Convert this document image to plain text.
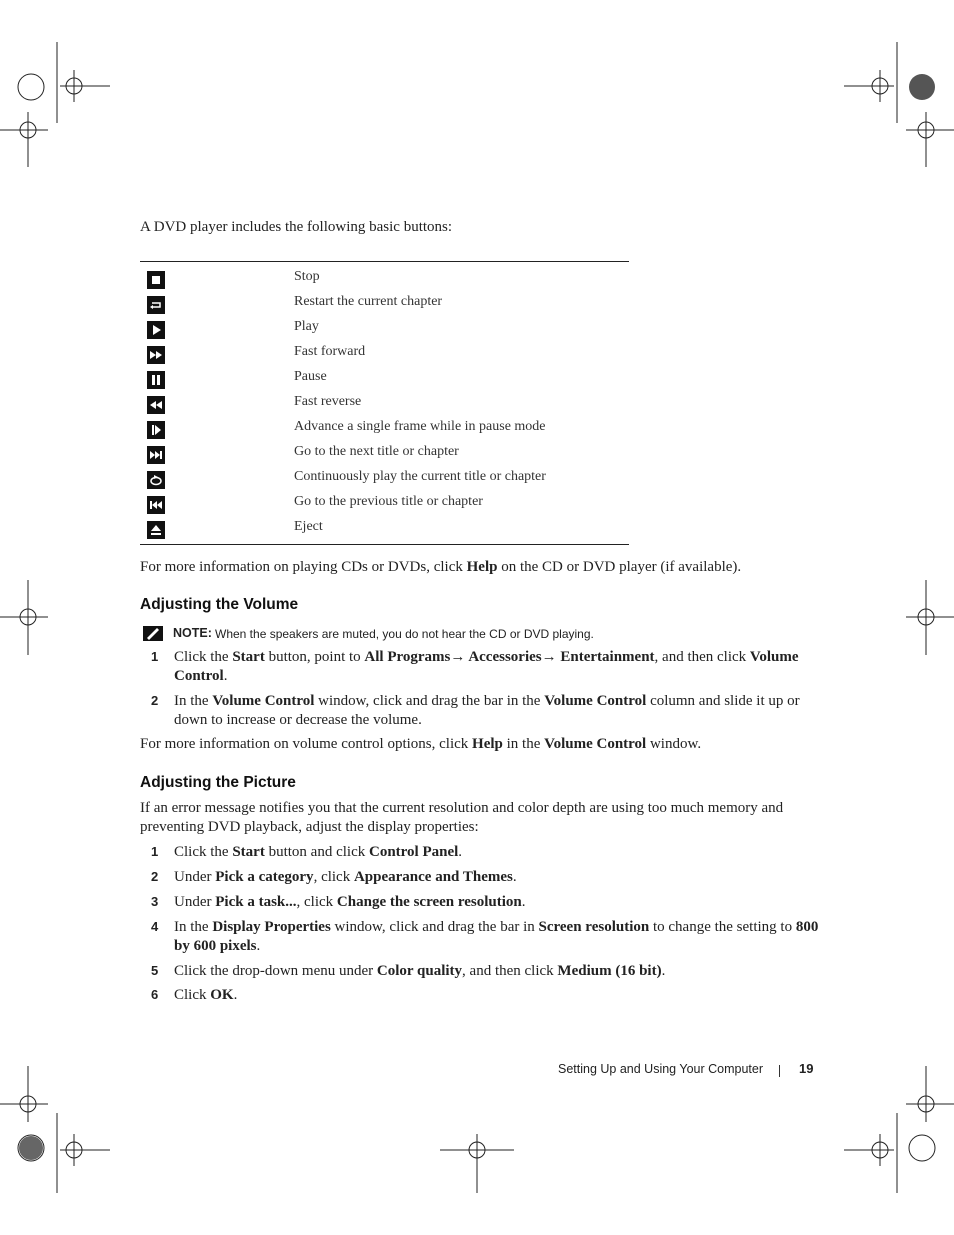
A DVD player includes the following basic buttons:
Stop
Restart the current chapter
Play
Fast forward
Pause
Fast reverse
Advance a single frame while in pause mode
Go to the next title or chapter
Continuously play the current title or chapter
Go to the previous title or chapter
Eject
For more information on playing CDs or DVDs, click Help on the CD or DVD player (if available).
Adjusting the Volume
NOTE: When the speakers are muted, you do not hear the CD or DVD playing.
1 Click the Start button, point to All Programs→ Accessories→ Entertainment, and then click Volume Control.
2 In the Volume Control window, click and drag the bar in the Volume Control column and slide it up or down to increase or decrease the volume.
For more information on volume control options, click Help in the Volume Control window.
Adjusting the Picture
If an error message notifies you that the current resolution and color depth are using too much memory and preventing DVD playback, adjust the display properties:
1 Click the Start button and click Control Panel.
2 Under Pick a category, click Appearance and Themes.
3 Under Pick a task..., click Change the screen resolution.
4 In the Display Properties window, click and drag the bar in Screen resolution to change the setting to 800 by 600 pixels.
5 Click the drop-down menu under Color quality, and then click Medium (16 bit).
6 Click OK.
Setting Up and Using Your Computer	19
